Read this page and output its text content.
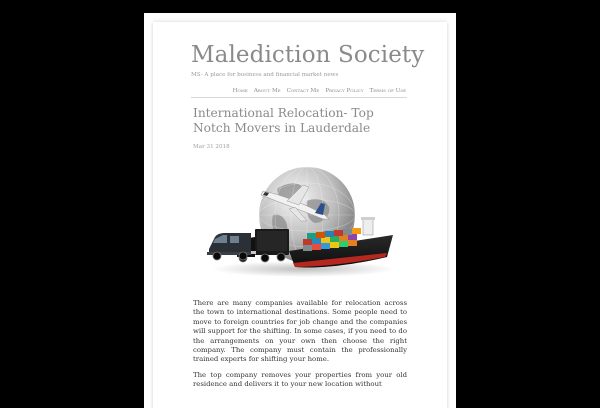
Malediction Society

MS- A place for business and financial market news

Home About Me Contact Me Privacy Policy Terms of Use
International Relocation- Top Notch Movers in Lauderdale
Mar 31 2018

There are many companies available for relocation across the town to international destinations. Some people need to move to foreign countries for job change and the companies will support for the shifting. In some cases, if you need to do the arrangements on your own then choose the right company. The company must contain the professionally trained experts for shifting your home.

The top company removes your properties from your old residence and delivers it to your new location without
